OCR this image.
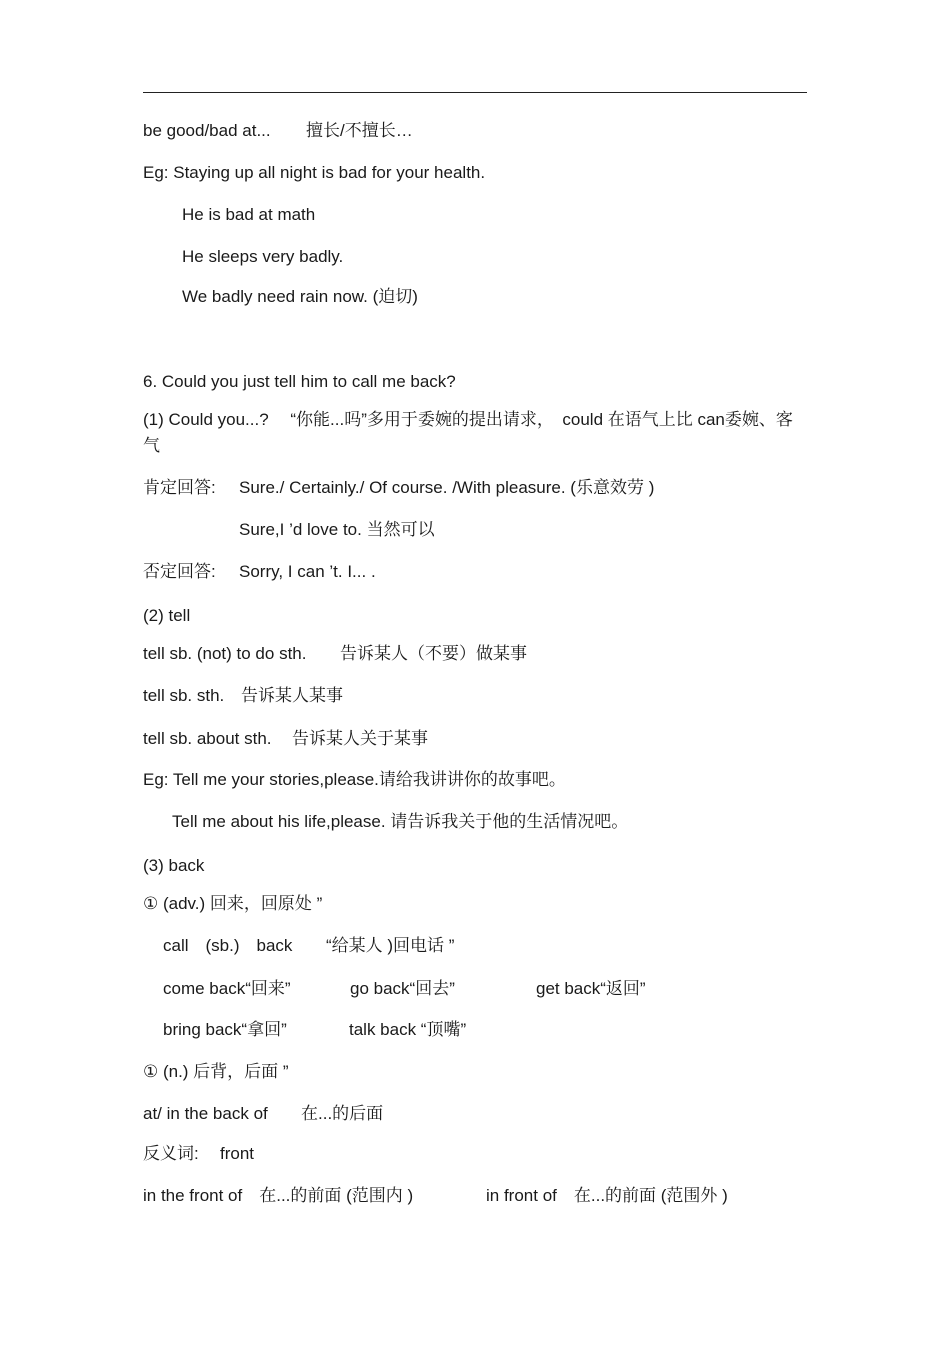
be good/bad at... 擅长/不擅长…
Eg: Staying up all night is bad for your health.
He is bad at math
He sleeps very badly.
We badly need rain now. (迫切)
6. Could you just tell him to call me back?
(1) Could you...?　 “你能...吗”多用于委婉的提出请求，　could 在语气上比 can委婉、客气
肯定回答: Sure./ Certainly./ Of course. /With pleasure. (乐意效劳 )
Sure,I ’d love to. 当然可以
否定回答: Sorry, I can ’t. I... .
(2) tell
tell sb. (not) to do sth. 告诉某人（不要）做某事
tell sb. sth. 告诉某人某事
tell sb. about sth. 告诉某人关于某事
Eg: Tell me your stories,please.请给我讲讲你的故事吧。
Tell me about his life,please. 请告诉我关于他的生活情况吧。
(3) back
① (adv.) 回来，回原处 ”
call　(sb.)　back “给某人 )回电话 ”
come back“回来”	go back“回去”	get back“返回”
bring back“拿回”	talk back “顶嘴”
① (n.) 后背，后面 ”
at/ in the back of 在...的后面
反义词: front
in the front of　在...的前面 (范围内 )	in front of　在...的前面 (范围外 )
